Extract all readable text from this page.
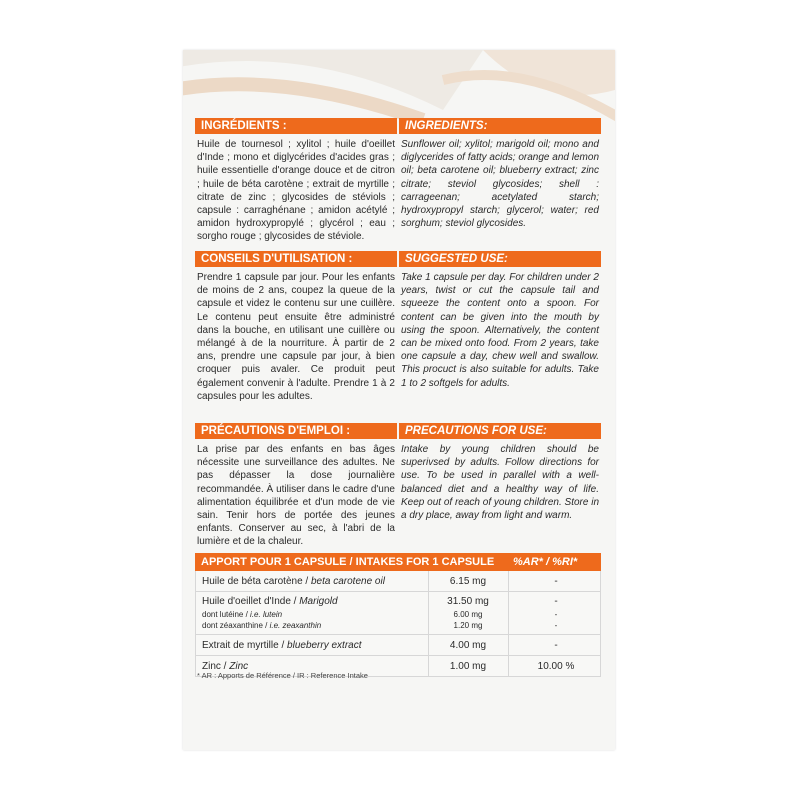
INGRÉDIENTS :
Huile de tournesol ; xylitol ; huile d'oeillet d'Inde ; mono et diglycérides d'acides gras ; huile essentielle d'orange douce et de citron ; huile de béta carotène ; extrait de myrtille ; citrate de zinc ; glycosides de stéviols ; capsule : carraghénane ; amidon acétylé ; amidon hydroxypropylé ; glycérol ; eau ; sorgho rouge ; glycosides de stéviole.
CONSEILS D'UTILISATION :
Prendre 1 capsule par jour. Pour les enfants de moins de 2 ans, coupez la queue de la capsule et videz le contenu sur une cuillère. Le contenu peut ensuite être administré dans la bouche, en utilisant une cuillère ou mélangé à de la nourriture. À partir de 2 ans, prendre une capsule par jour, à bien croquer puis avaler. Ce produit peut également convenir à l'adulte. Prendre 1 à 2 capsules pour les adultes.
PRÉCAUTIONS D'EMPLOI :
La prise par des enfants en bas âges nécessite une surveillance des adultes. Ne pas dépasser la dose journalière recommandée. À utiliser dans le cadre d'une alimentation équilibrée et d'un mode de vie sain. Tenir hors de portée des jeunes enfants. Conserver au sec, à l'abri de la lumière et de la chaleur.
INGREDIENTS:
Sunflower oil; xylitol; marigold oil; mono and diglycerides of fatty acids; orange and lemon oil; beta carotene oil; blueberry extract; zinc citrate; steviol glycosides; shell : carrageenan; acetylated starch; hydroxypropyl starch; glycerol; water; red sorghum; steviol glycosides.
SUGGESTED USE:
Take 1 capsule per day. For children under 2 years, twist or cut the capsule tail and squeeze the content onto a spoon. For content can be given into the mouth by using the spoon. Alternatively, the content can be mixed onto food. From 2 years, take one capsule a day, chew well and swallow. This procuct is also suitable for adults. Take 1 to 2 softgels for adults.
PRECAUTIONS FOR USE:
Intake by young children should be superivsed by adults. Follow directions for use. To be used in parallel with a well-balanced diet and a healthy way of life. Keep out of reach of young children. Store in a dry place, away from light and warm.
APPORT POUR 1 CAPSULE / INTAKES FOR 1 CAPSULE %AR* / %RI*
Huile de béta carotène / beta carotene oil	6.15 mg	-
Huile d'oeillet d'Inde / Marigold	31.50 mg	-
dont lutéine / i.e. lutein	6.00 mg	-
dont zéaxanthine / i.e. zeaxanthin	1.20 mg	-
Extrait de myrtille / blueberry extract	4.00 mg	-
Zinc / Zinc	1.00 mg	10.00 %
* AR : Apports de Référence / IR : Reference Intake
